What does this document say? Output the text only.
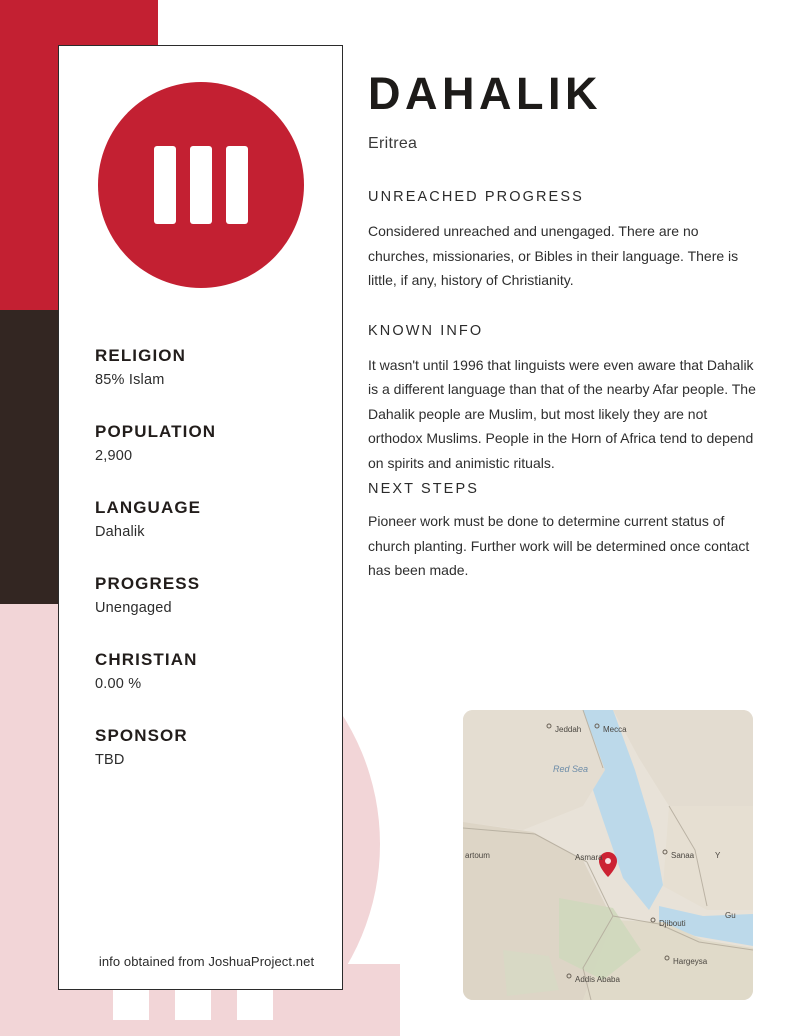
RELIGION
85% Islam
POPULATION
2,900
LANGUAGE
Dahalik
PROGRESS
Unengaged
CHRISTIAN
0.00 %
SPONSOR
TBD
info obtained from JoshuaProject.net
DAHALIK
Eritrea
UNREACHED PROGRESS
Considered unreached and unengaged. There are no churches, missionaries, or Bibles in their language. There is little, if any, history of Christianity.
KNOWN INFO
It wasn't until 1996 that linguists were even aware that Dahalik is a different language than that of the nearby Afar people. The Dahalik people are Muslim, but most likely they are not orthodox Muslims. People in the Horn of Africa tend to depend on spirits and animistic rituals.
NEXT STEPS
Pioneer work must be done to determine current status of church planting. Further work will be determined once contact has been made.
Jeddah	Mecca
Red Sea
artoum	Asmara	Sanaa	Y
Djibouti
Gu
Hargeysa
Addis Ababa
